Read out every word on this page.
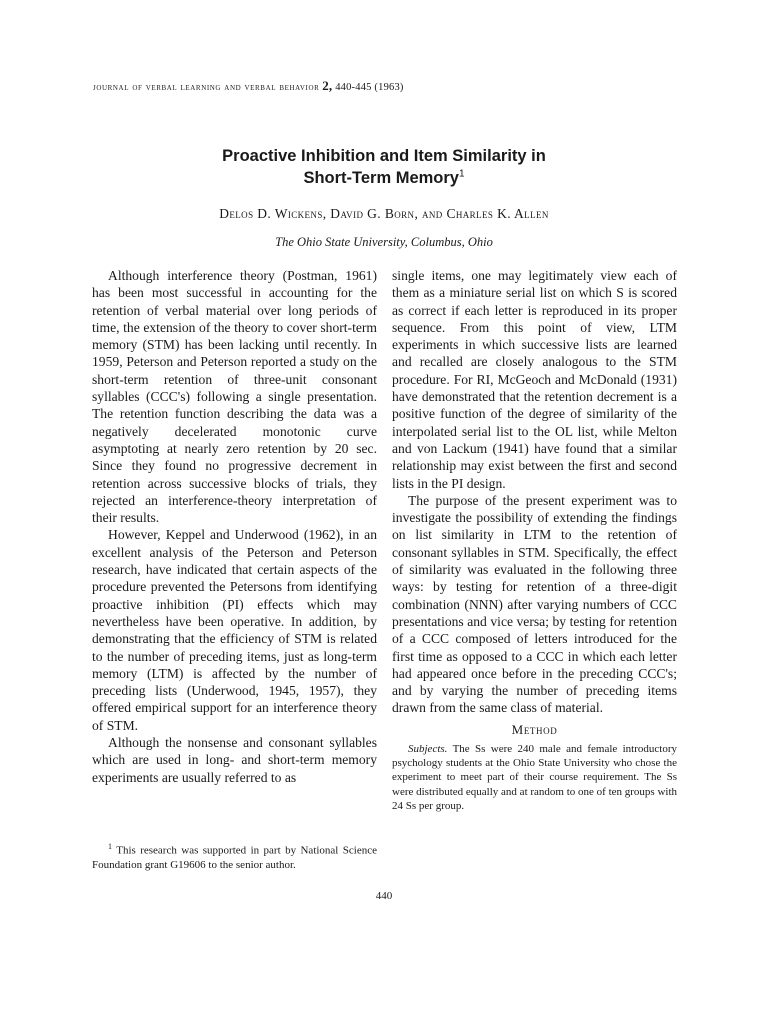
journal of verbal learning and verbal behavior 2, 440-445 (1963)
Proactive Inhibition and Item Similarity in
Short-Term Memory$^1$
Delos D. Wickens, David G. Born, and Charles K. Allen
The Ohio State University, Columbus, Ohio

Although interference theory (Postman, 1961) has been most successful in accounting for the retention of verbal material over long periods of time, the extension of the theory to cover short-term memory (STM) has been lacking until recently. In 1959, Peterson and Peterson reported a study on the short-term retention of three-unit consonant syllables (CCC's) following a single presentation. The retention function describing the data was a negatively decelerated monotonic curve asymptoting at nearly zero retention by 20 sec. Since they found no progressive decrement in retention across successive blocks of trials, they rejected an interference-theory interpretation of their results.

However, Keppel and Underwood (1962), in an excellent analysis of the Peterson and Peterson research, have indicated that certain aspects of the procedure prevented the Petersons from identifying proactive inhibition (PI) effects which may nevertheless have been operative. In addition, by demonstrating that the efficiency of STM is related to the number of preceding items, just as long-term memory (LTM) is affected by the number of preceding lists (Underwood, 1945, 1957), they offered empirical support for an interference theory of STM.

Although the nonsense and consonant syllables which are used in long- and short-term memory experiments are usually referred to as

single items, one may legitimately view each of them as a miniature serial list on which S is scored as correct if each letter is reproduced in its proper sequence. From this point of view, LTM experiments in which successive lists are learned and recalled are closely analogous to the STM procedure. For RI, McGeoch and McDonald (1931) have demonstrated that the retention decrement is a positive function of the degree of similarity of the interpolated serial list to the OL list, while Melton and von Lackum (1941) have found that a similar relationship may exist between the first and second lists in the PI design.

The purpose of the present experiment was to investigate the possibility of extending the findings on list similarity in LTM to the retention of consonant syllables in STM. Specifically, the effect of similarity was evaluated in the following three ways: by testing for retention of a three-digit combination (NNN) after varying numbers of CCC presentations and vice versa; by testing for retention of a CCC composed of letters introduced for the first time as opposed to a CCC in which each letter had appeared once before in the preceding CCC's; and by varying the number of preceding items drawn from the same class of material.

Method

Subjects. The Ss were 240 male and female introductory psychology students at the Ohio State University who chose the experiment to meet part of their course requirement. The Ss were distributed equally and at random to one of ten groups with 24 Ss per group.

$^1$ This research was supported in part by National Science Foundation grant G19606 to the senior author.

440
